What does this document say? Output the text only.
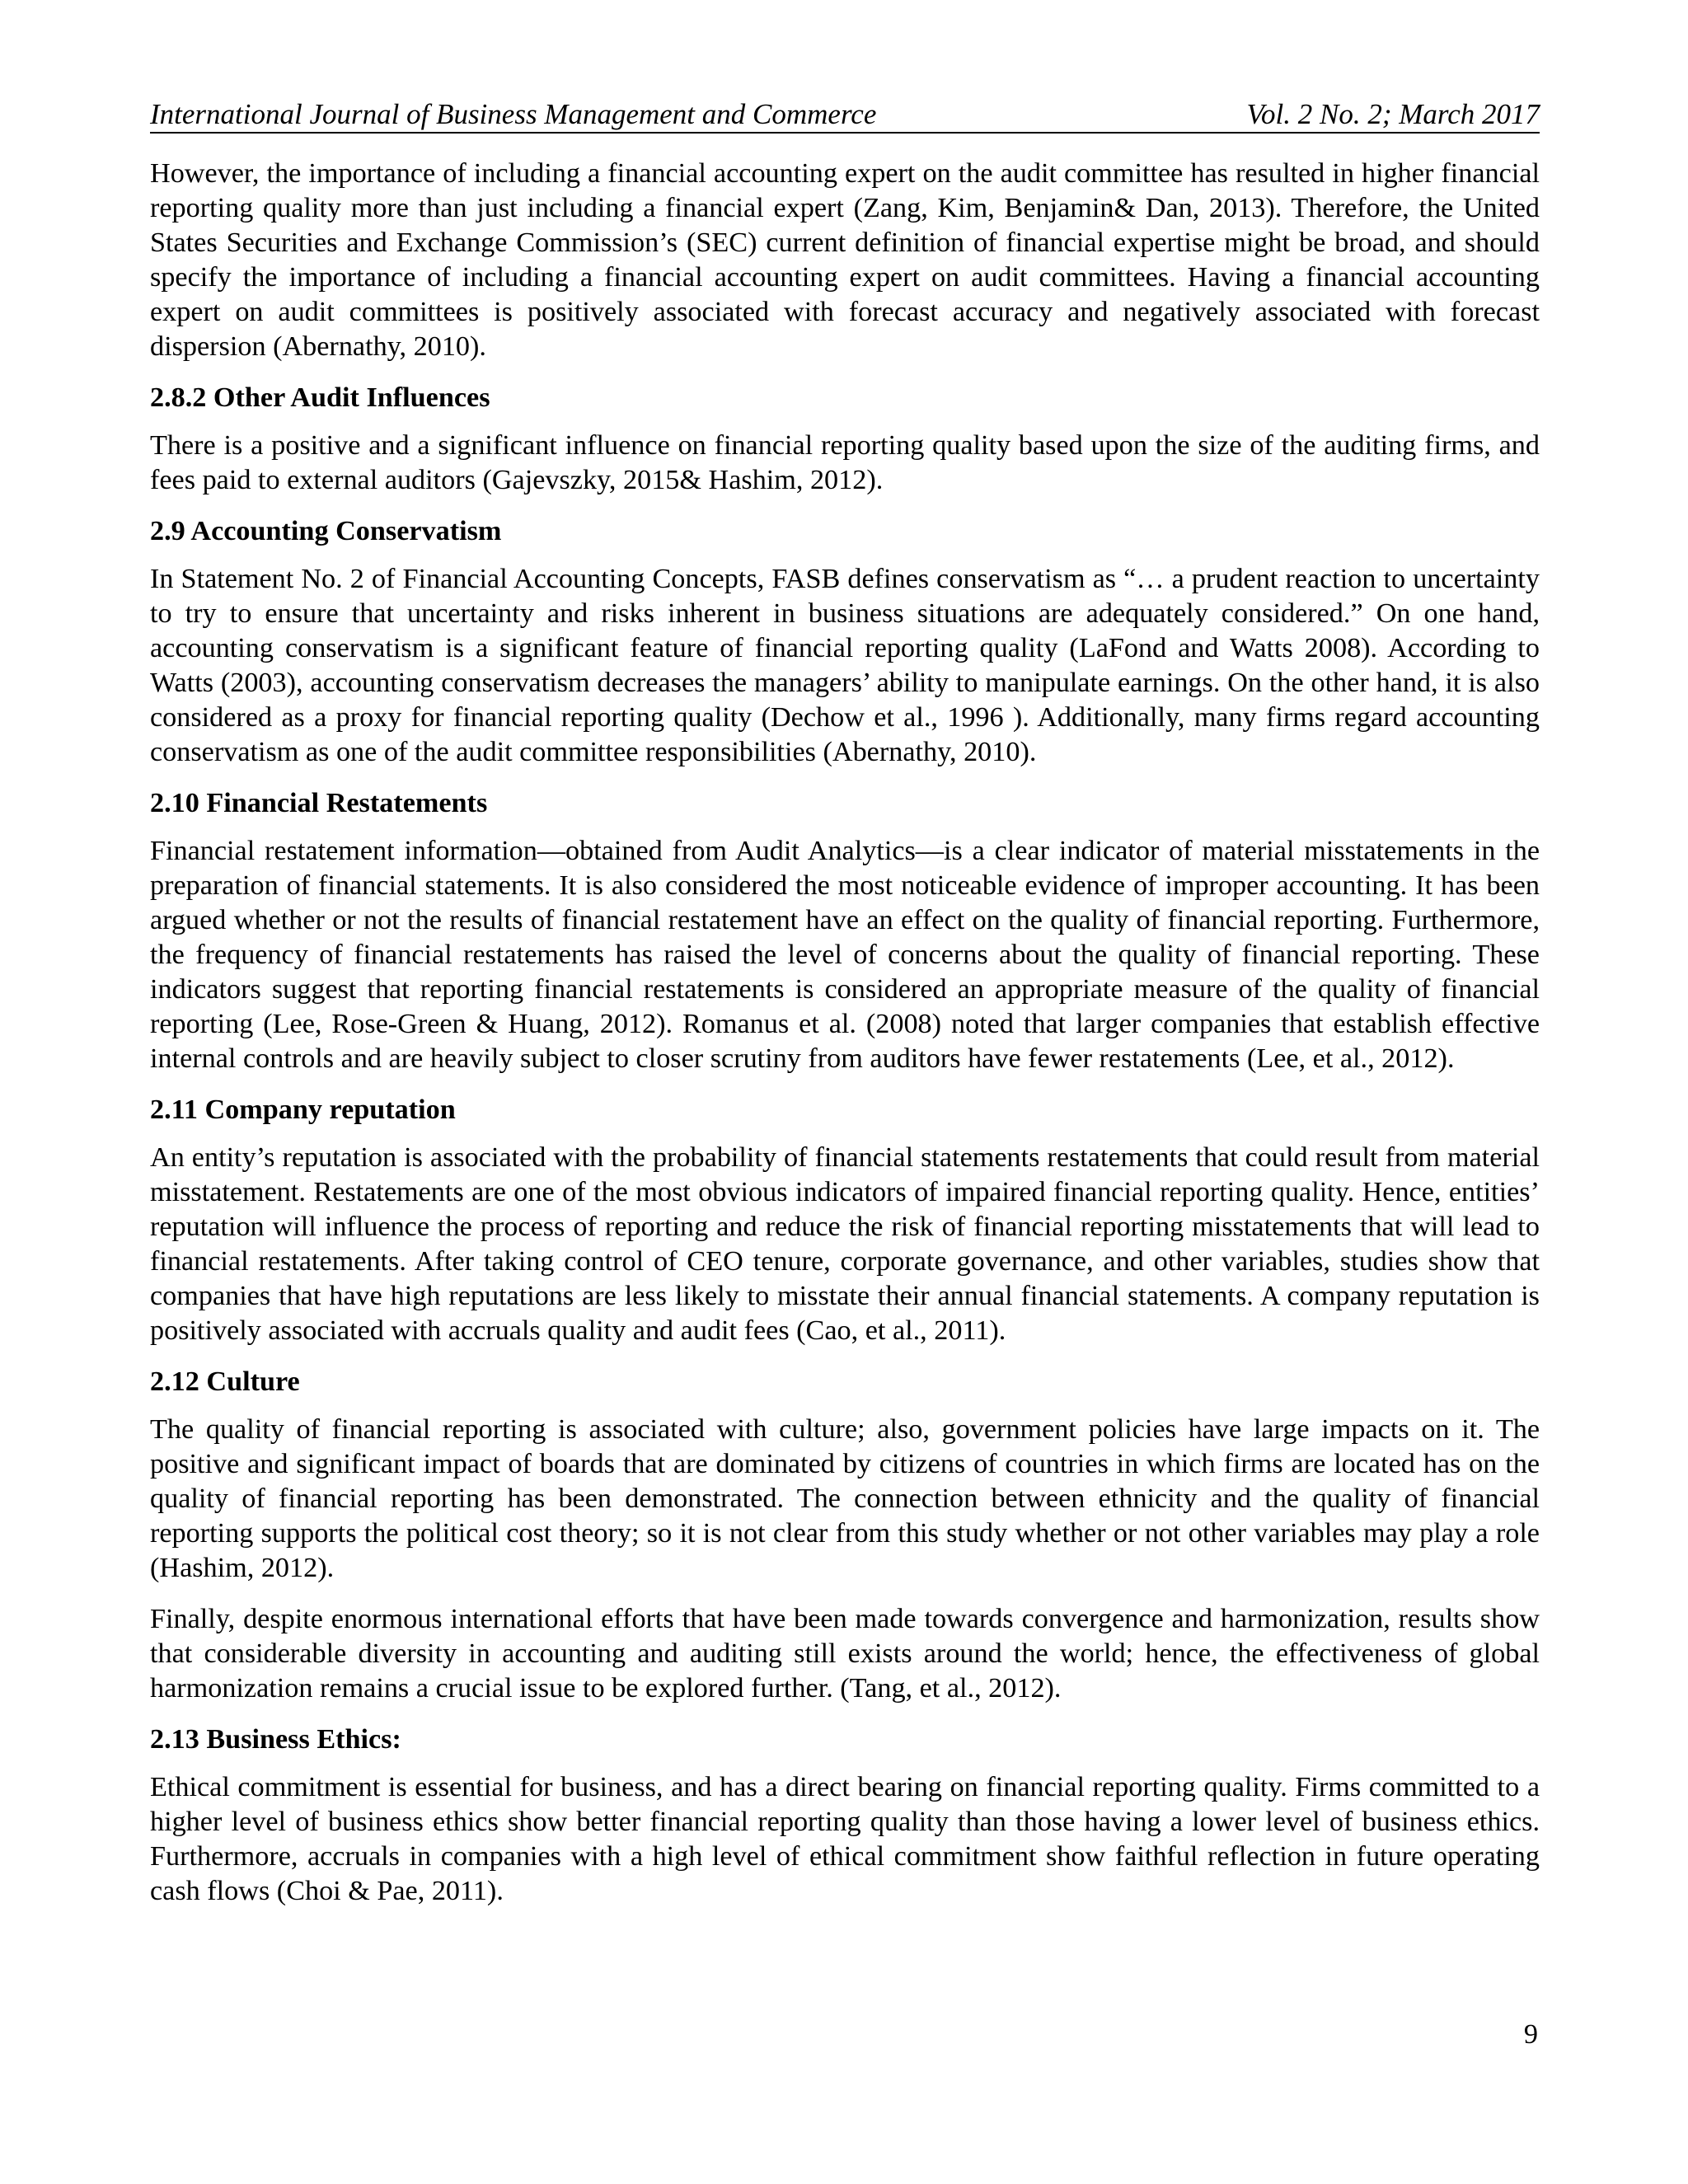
International Journal of Business Management and Commerce	Vol. 2 No. 2; March 2017

However, the importance of including a financial accounting expert on the audit committee has resulted in higher financial reporting quality more than just including a financial expert (Zang, Kim, Benjamin& Dan, 2013). Therefore, the United States Securities and Exchange Commission’s (SEC) current definition of financial expertise might be broad, and should specify the importance of including a financial accounting expert on audit committees. Having a financial accounting expert on audit committees is positively associated with forecast accuracy and negatively associated with forecast dispersion (Abernathy, 2010).

2.8.2 Other Audit Influences

There is a positive and a significant influence on financial reporting quality based upon the size of the auditing firms, and fees paid to external auditors (Gajevszky, 2015& Hashim, 2012).

2.9 Accounting Conservatism

In Statement No. 2 of Financial Accounting Concepts, FASB defines conservatism as “… a prudent reaction to uncertainty to try to ensure that uncertainty and risks inherent in business situations are adequately considered.” On one hand, accounting conservatism is a significant feature of financial reporting quality (LaFond and Watts 2008). According to Watts (2003), accounting conservatism decreases the managers’ ability to manipulate earnings. On the other hand, it is also considered as a proxy for financial reporting quality (Dechow et al., 1996 ). Additionally, many firms regard accounting conservatism as one of the audit committee responsibilities (Abernathy, 2010).

2.10 Financial Restatements

Financial restatement information—obtained from Audit Analytics—is a clear indicator of material misstatements in the preparation of financial statements. It is also considered the most noticeable evidence of improper accounting. It has been argued whether or not the results of financial restatement have an effect on the quality of financial reporting. Furthermore, the frequency of financial restatements has raised the level of concerns about the quality of financial reporting. These indicators suggest that reporting financial restatements is considered an appropriate measure of the quality of financial reporting (Lee, Rose-Green & Huang, 2012). Romanus et al. (2008) noted that larger companies that establish effective internal controls and are heavily subject to closer scrutiny from auditors have fewer restatements (Lee, et al., 2012).

2.11 Company reputation

An entity’s reputation is associated with the probability of financial statements restatements that could result from material misstatement. Restatements are one of the most obvious indicators of impaired financial reporting quality. Hence, entities’ reputation will influence the process of reporting and reduce the risk of financial reporting misstatements that will lead to financial restatements. After taking control of CEO tenure, corporate governance, and other variables, studies show that companies that have high reputations are less likely to misstate their annual financial statements. A company reputation is positively associated with accruals quality and audit fees (Cao, et al., 2011).

2.12 Culture

The quality of financial reporting is associated with culture; also, government policies have large impacts on it. The positive and significant impact of boards that are dominated by citizens of countries in which firms are located has on the quality of financial reporting has been demonstrated. The connection between ethnicity and the quality of financial reporting supports the political cost theory; so it is not clear from this study whether or not other variables may play a role (Hashim, 2012).

Finally, despite enormous international efforts that have been made towards convergence and harmonization, results show that considerable diversity in accounting and auditing still exists around the world; hence, the effectiveness of global harmonization remains a crucial issue to be explored further. (Tang, et al., 2012).

2.13 Business Ethics:

Ethical commitment is essential for business, and has a direct bearing on financial reporting quality. Firms committed to a higher level of business ethics show better financial reporting quality than those having a lower level of business ethics. Furthermore, accruals in companies with a high level of ethical commitment show faithful reflection in future operating cash flows (Choi & Pae, 2011).

9
